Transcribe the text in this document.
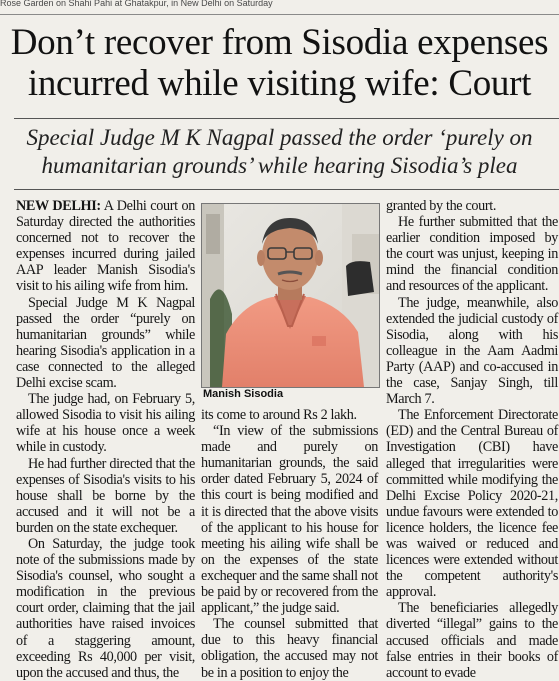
Rose Garden on Shahi Pahi at Ghatakpur, in New Delhi on Saturday
Don’t recover from Sisodia expenses
incurred while visiting wife: Court
Special Judge M K Nagpal passed the order ‘purely on
humanitarian grounds’ while hearing Sisodia’s plea

NEW DELHI: A Delhi court on Saturday directed the authorities concerned not to recover the expenses incurred during jailed AAP leader Manish Sisodia's visit to his ailing wife from him.

Special Judge M K Nagpal passed the order “purely on humanitarian grounds” while hearing Sisodia's application in a case connected to the alleged Delhi excise scam.

The judge had, on February 5, allowed Sisodia to visit his ailing wife at his house once a week while in custody.

He had further directed that the expenses of Sisodia's visits to his house shall be borne by the accused and it will not be a burden on the state exchequer.

On Saturday, the judge took note of the submissions made by Sisodia's counsel, who sought a modification in the previous court order, claiming that the jail authorities have raised invoices of a staggering amount, exceeding Rs 40,000 per visit, upon the accused and thus, the

Manish Sisodia

its come to around Rs 2 lakh.

“In view of the submissions made and purely on humanitarian grounds, the said order dated February 5, 2024 of this court is being modified and it is directed that the above visits of the applicant to his house for meeting his ailing wife shall be on the expenses of the state exchequer and the same shall not be paid by or recovered from the applicant,” the judge said.

The counsel submitted that due to this heavy financial obligation, the accused may not be in a position to enjoy the

granted by the court.

He further submitted that the earlier condition imposed by the court was unjust, keeping in mind the financial condition and resources of the applicant.

The judge, meanwhile, also extended the judicial custody of Sisodia, along with his colleague in the Aam Aadmi Party (AAP) and co-accused in the case, Sanjay Singh, till March 7.

The Enforcement Directorate (ED) and the Central Bureau of Investigation (CBI) have alleged that irregularities were committed while modifying the Delhi Excise Policy 2020-21, undue favours were extended to licence holders, the licence fee was waived or reduced and licences were extended without the competent authority's approval.

The beneficiaries allegedly diverted “illegal” gains to the accused officials and made false entries in their books of account to evade
